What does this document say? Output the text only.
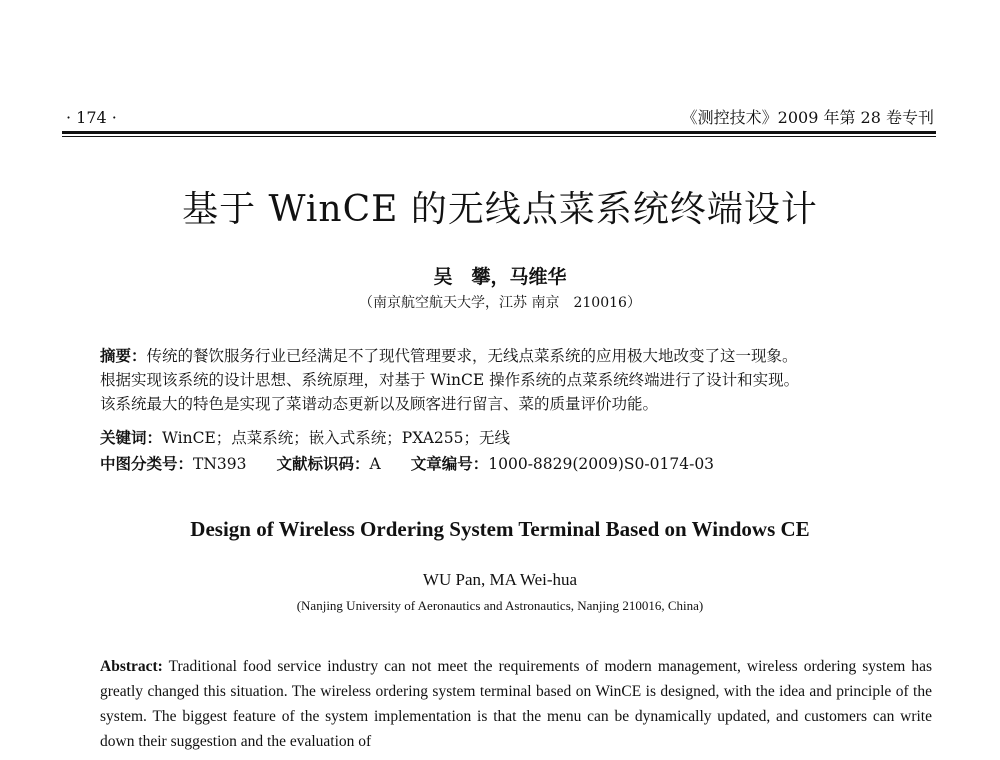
· 174 ·	《测控技术》2009 年第 28 卷专刊
基于 WinCE 的无线点菜系统终端设计
吴　攀，马维华
（南京航空航天大学，江苏 南京　210016）

摘要：传统的餐饮服务行业已经满足不了现代管理要求，无线点菜系统的应用极大地改变了这一现象。

根据实现该系统的设计思想、系统原理，对基于 WinCE 操作系统的点菜系统终端进行了设计和实现。

该系统最大的特色是实现了菜谱动态更新以及顾客进行留言、菜的质量评价功能。

关键词：WinCE；点菜系统；嵌入式系统；PXA255；无线
中图分类号：TN393 文献标识码：A 文章编号：1000-8829(2009)S0-0174-03
Design of Wireless Ordering System Terminal Based on Windows CE
WU Pan, MA Wei-hua
(Nanjing University of Aeronautics and Astronautics, Nanjing 210016, China)
Abstract: Traditional food service industry can not meet the requirements of modern management, wireless ordering system has greatly changed this situation. The wireless ordering system terminal based on WinCE is designed, with the idea and principle of the system. The biggest feature of the system implementation is that the menu can be dynamically updated, and customers can write down their suggestion and the evaluation of
